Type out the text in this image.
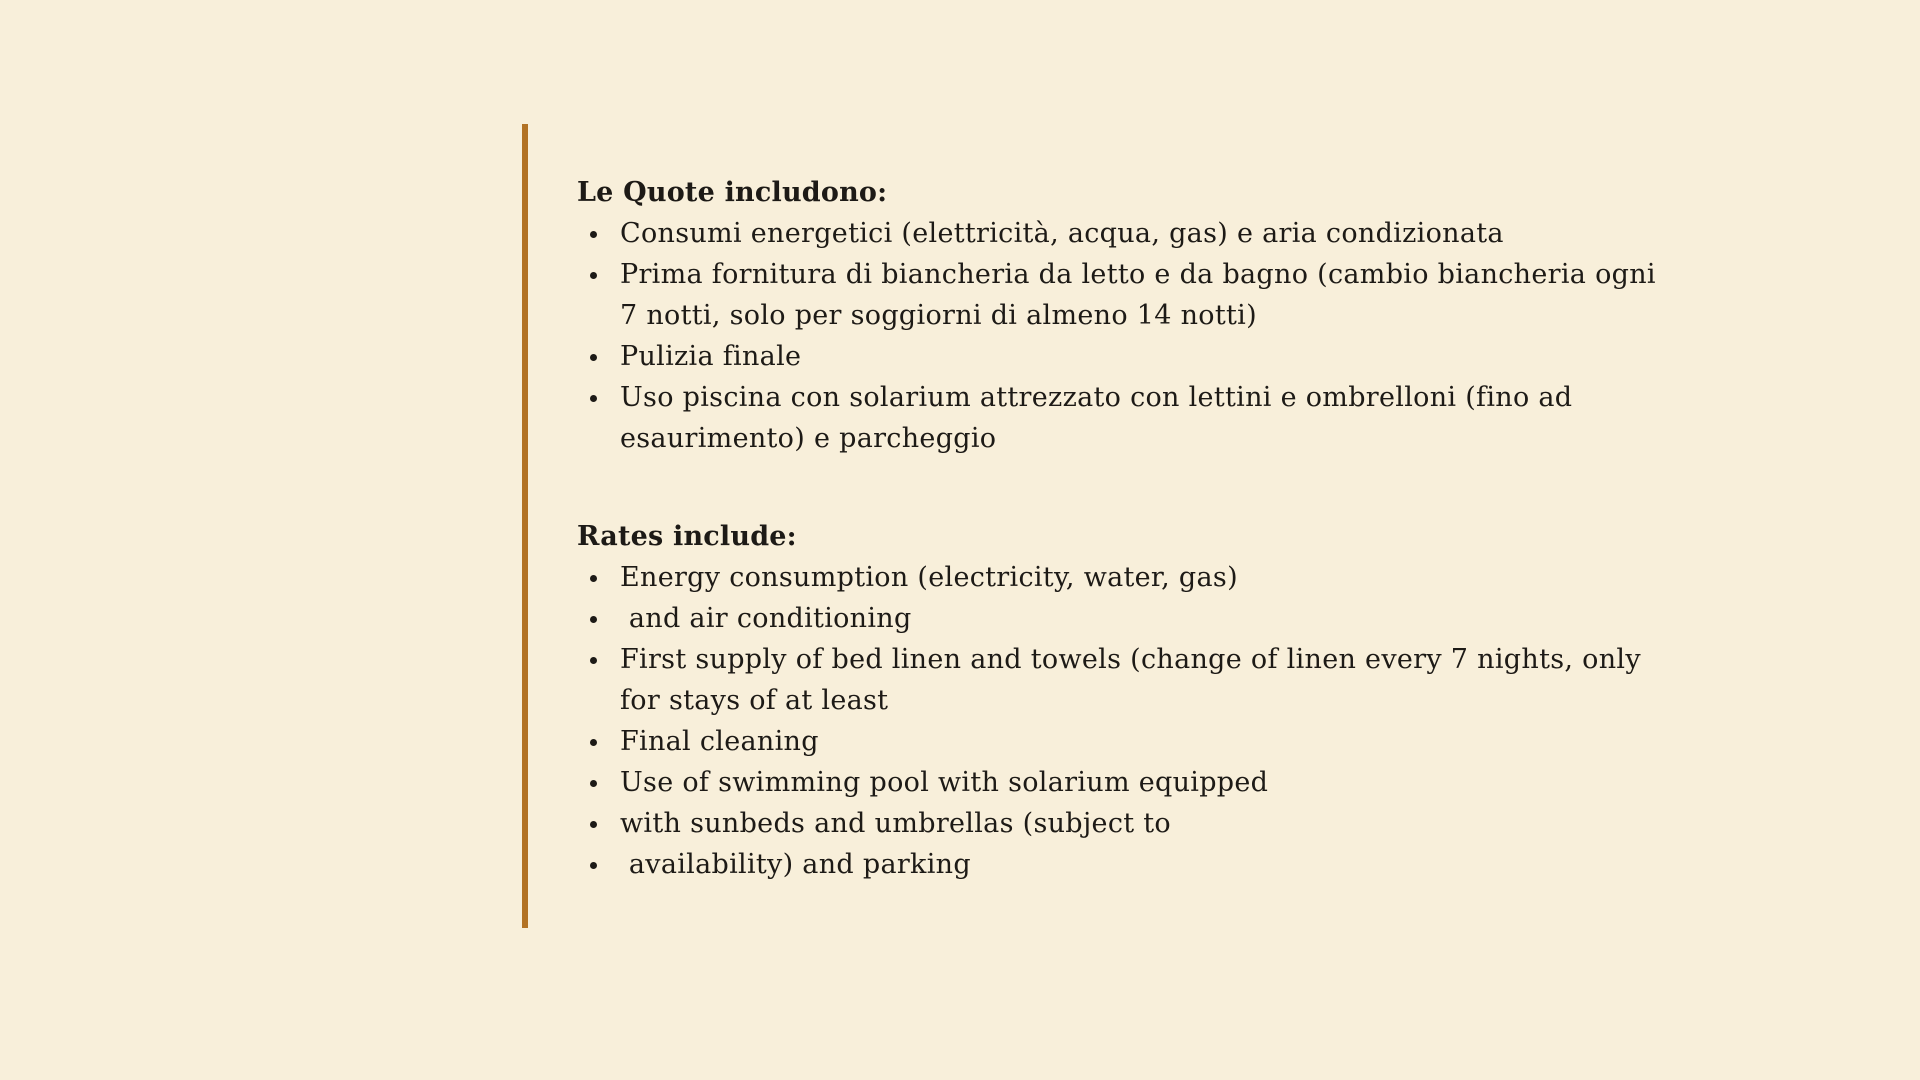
Le Quote includono:

Consumi energetici (elettricità, acqua, gas) e aria condizionata
Prima fornitura di biancheria da letto e da bagno (cambio biancheria ogni 7 notti, solo per soggiorni di almeno 14 notti)
Pulizia finale
Uso piscina con solarium attrezzato con lettini e ombrelloni (fino ad esaurimento) e parcheggio

Rates include:

Energy consumption (electricity, water, gas)
and air conditioning
First supply of bed linen and towels (change of linen every 7 nights, only for stays of at least
Final cleaning
Use of swimming pool with solarium equipped
with sunbeds and umbrellas (subject to
availability) and parking
